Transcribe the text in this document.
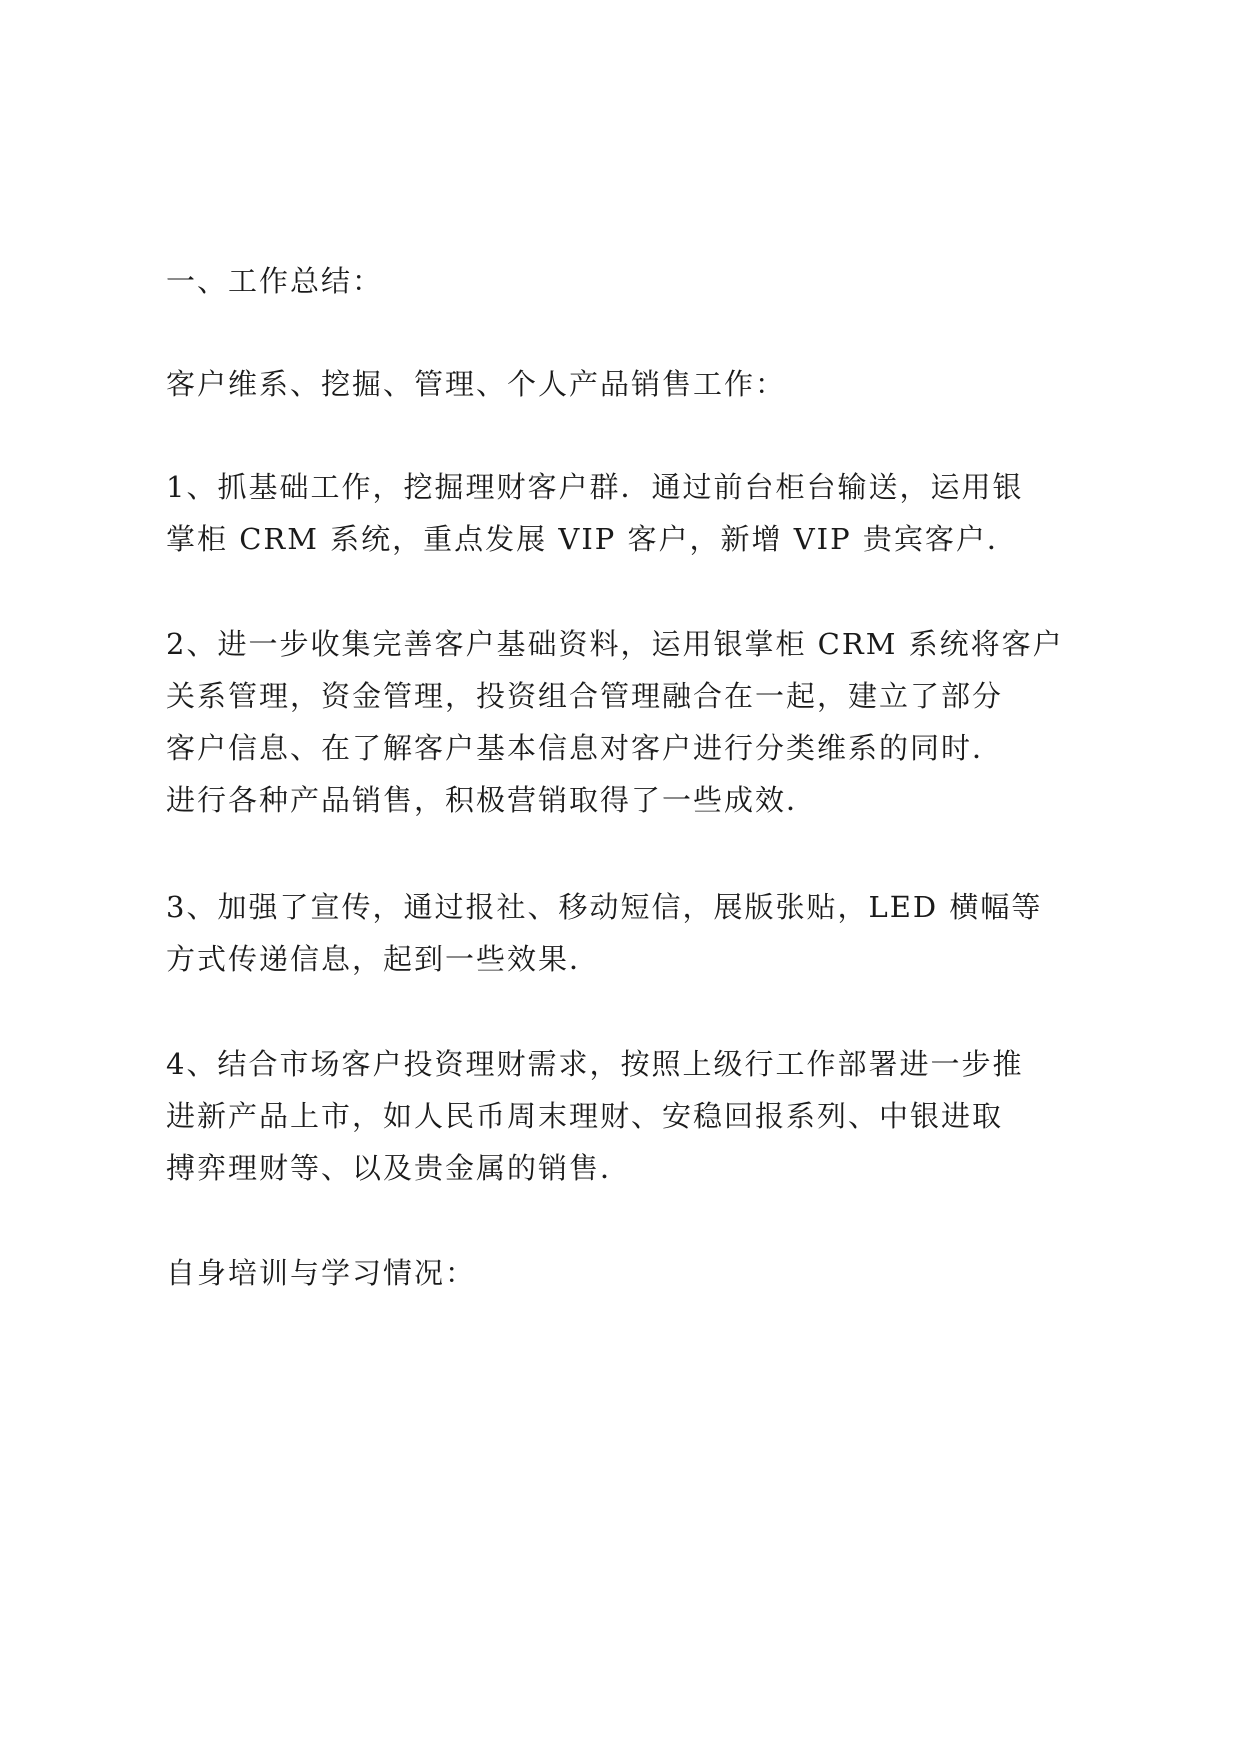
一、工作总结：
客户维系、挖掘、管理、个人产品销售工作：
1、抓基础工作，挖掘理财客户群．通过前台柜台输送，运用银
掌柜 CRM 系统，重点发展 VIP 客户，新增 VIP 贵宾客户．
2、进一步收集完善客户基础资料，运用银掌柜 CRM 系统将客户
关系管理，资金管理，投资组合管理融合在一起，建立了部分
客户信息、在了解客户基本信息对客户进行分类维系的同时．
进行各种产品销售，积极营销取得了一些成效．
3、加强了宣传，通过报社、移动短信，展版张贴，LED 横幅等
方式传递信息，起到一些效果．
4、结合市场客户投资理财需求，按照上级行工作部署进一步推
进新产品上市，如人民币周末理财、安稳回报系列、中银进取
搏弈理财等、以及贵金属的销售．
自身培训与学习情况：
